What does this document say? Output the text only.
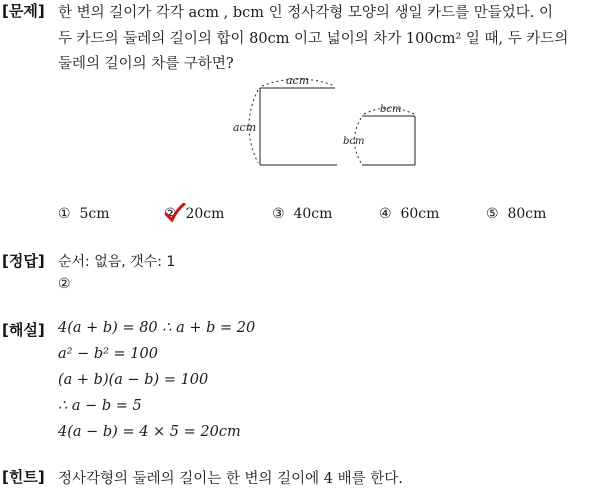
[문제] 한 변의 길이가 각각 acm , bcm 인 정사각형 모양의 생일 카드를 만들었다. 이
두 카드의 둘레의 길이의 합이 80cm 이고 넓이의 차가 100cm² 일 때, 두 카드의
둘레의 길이의 차를 구하면?
acm
acm
bcm
bcm
① 5cm	② 20cm	③ 40cm	④ 60cm	⑤ 80cm
[정답] 순서: 없음, 갯수: 1
②
[해설] 4(a + b) = 80 ∴ a + b = 20
a² − b² = 100
(a + b)(a − b) = 100
∴ a − b = 5
4(a − b) = 4 × 5 = 20cm
[힌트] 정사각형의 둘레의 길이는 한 변의 길이에 4 배를 한다.
